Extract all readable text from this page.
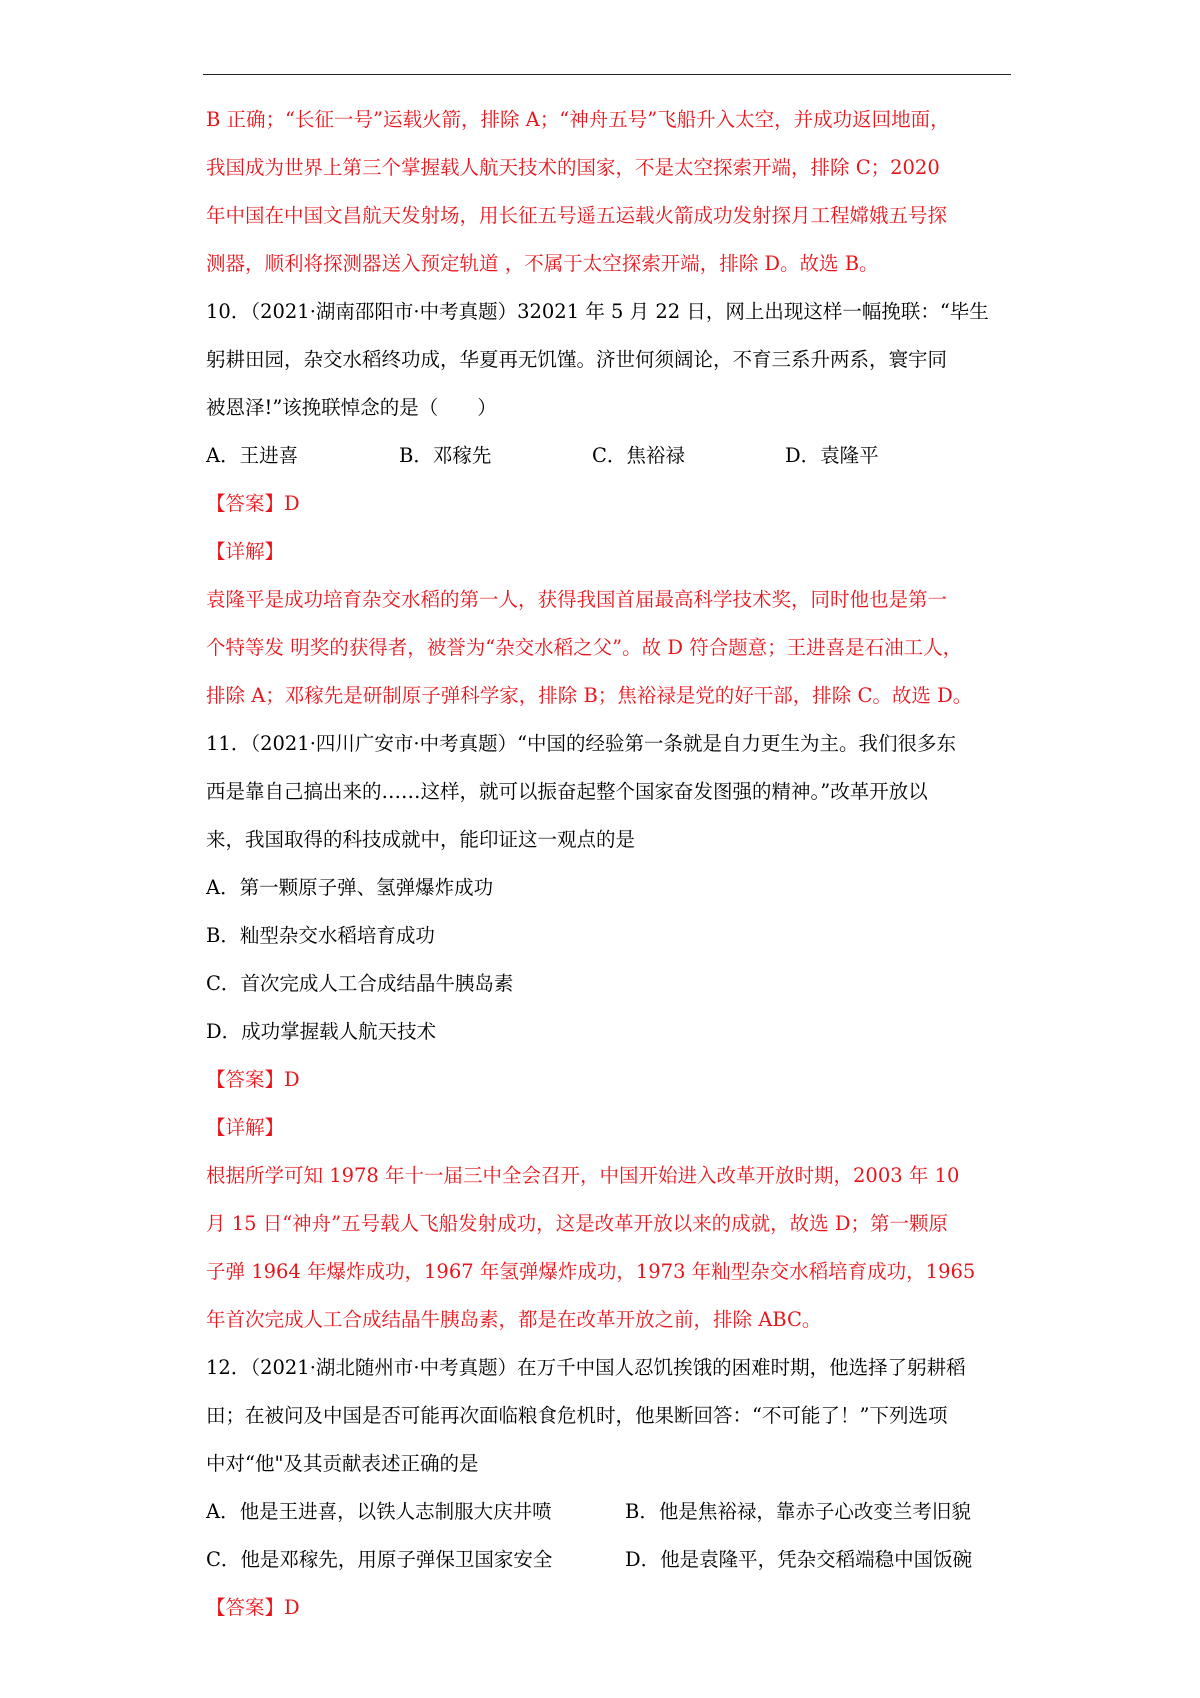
B 正确；“长征一号”运载火箭，排除 A；“神舟五号”飞船升入太空，并成功返回地面，
我国成为世界上第三个掌握载人航天技术的国家，不是太空探索开端，排除 C；2020
年中国在中国文昌航天发射场，用长征五号遥五运载火箭成功发射探月工程嫦娥五号探
测器，顺利将探测器送入预定轨道 ，不属于太空探索开端，排除 D。故选 B。
10．（2021·湖南邵阳市·中考真题）32021 年 5 月 22 日，网上出现这样一幅挽联：“毕生
躬耕田园，杂交水稻终功成，华夏再无饥馑。济世何须阔论，不育三系升两系，寰宇同
被恩泽!”该挽联悼念的是（　　）
A．王进喜	B．邓稼先	C．焦裕禄	D．袁隆平
【答案】D
【详解】
袁隆平是成功培育杂交水稻的第一人，获得我国首届最高科学技术奖，同时他也是第一
个特等发 明奖的获得者，被誉为“杂交水稻之父”。故 D 符合题意；王进喜是石油工人，
排除 A；邓稼先是研制原子弹科学家，排除 B；焦裕禄是党的好干部，排除 C。故选 D。
11．（2021·四川广安市·中考真题）“中国的经验第一条就是自力更生为主。我们很多东
西是靠自己搞出来的……这样，就可以振奋起整个国家奋发图强的精神。”改革开放以
来，我国取得的科技成就中，能印证这一观点的是
A．第一颗原子弹、氢弹爆炸成功
B．籼型杂交水稻培育成功
C．首次完成人工合成结晶牛胰岛素
D．成功掌握载人航天技术
【答案】D
【详解】
根据所学可知 1978 年十一届三中全会召开，中国开始进入改革开放时期，2003 年 10
月 15 日“神舟”五号载人飞船发射成功，这是改革开放以来的成就，故选 D；第一颗原
子弹 1964 年爆炸成功，1967 年氢弹爆炸成功，1973 年籼型杂交水稻培育成功，1965
年首次完成人工合成结晶牛胰岛素，都是在改革开放之前，排除 ABC。
12．（2021·湖北随州市·中考真题）在万千中国人忍饥挨饿的困难时期，他选择了躬耕稻
田；在被问及中国是否可能再次面临粮食危机时，他果断回答：“不可能了！”下列选项
中对“他"及其贡献表述正确的是
A．他是王进喜，以铁人志制服大庆井喷	B．他是焦裕禄，靠赤子心改变兰考旧貌
C．他是邓稼先，用原子弹保卫国家安全	D．他是袁隆平，凭杂交稻端稳中国饭碗
【答案】D
